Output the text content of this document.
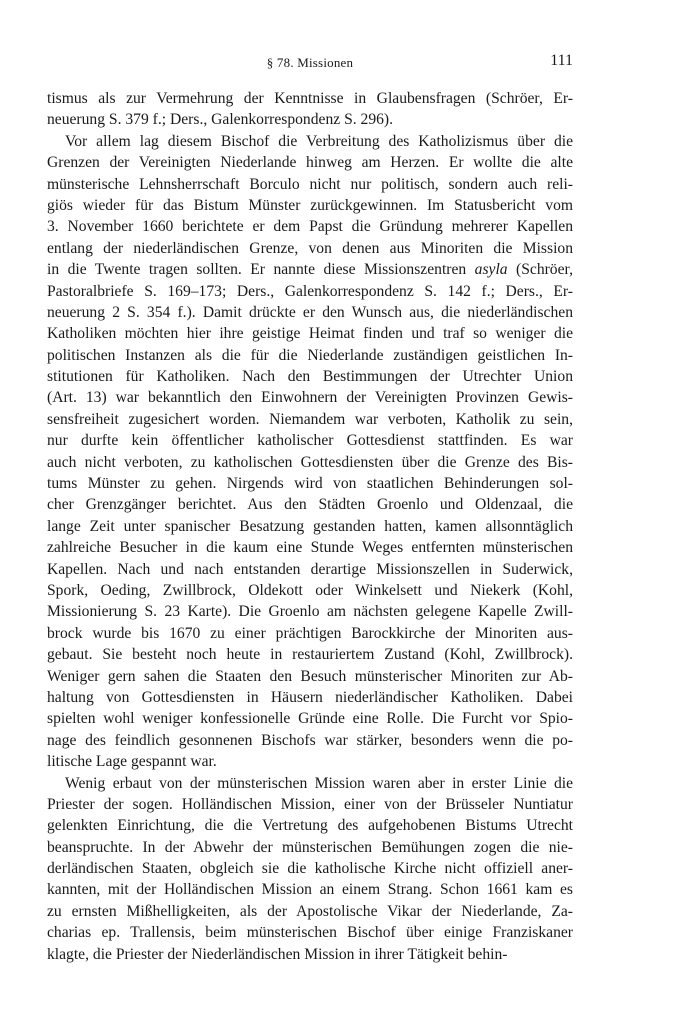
§ 78. Missionen	111
tismus als zur Vermehrung der Kenntnisse in Glaubensfragen (Schröer, Er-
neuerung S. 379 f.; Ders., Galenkorrespondenz S. 296).
Vor allem lag diesem Bischof die Verbreitung des Katholizismus über die
Grenzen der Vereinigten Niederlande hinweg am Herzen. Er wollte die alte
münsterische Lehnsherrschaft Borculo nicht nur politisch, sondern auch reli-
giös wieder für das Bistum Münster zurückgewinnen. Im Statusbericht vom
3. November 1660 berichtete er dem Papst die Gründung mehrerer Kapellen
entlang der niederländischen Grenze, von denen aus Minoriten die Mission
in die Twente tragen sollten. Er nannte diese Missionszentren asyla (Schröer,
Pastoralbriefe S. 169–173; Ders., Galenkorrespondenz S. 142 f.; Ders., Er-
neuerung 2 S. 354 f.). Damit drückte er den Wunsch aus, die niederländischen
Katholiken möchten hier ihre geistige Heimat finden und traf so weniger die
politischen Instanzen als die für die Niederlande zuständigen geistlichen In-
stitutionen für Katholiken. Nach den Bestimmungen der Utrechter Union
(Art. 13) war bekanntlich den Einwohnern der Vereinigten Provinzen Gewis-
sensfreiheit zugesichert worden. Niemandem war verboten, Katholik zu sein,
nur durfte kein öffentlicher katholischer Gottesdienst stattfinden. Es war
auch nicht verboten, zu katholischen Gottesdiensten über die Grenze des Bis-
tums Münster zu gehen. Nirgends wird von staatlichen Behinderungen sol-
cher Grenzgänger berichtet. Aus den Städten Groenlo und Oldenzaal, die
lange Zeit unter spanischer Besatzung gestanden hatten, kamen allsonntäglich
zahlreiche Besucher in die kaum eine Stunde Weges entfernten münsterischen
Kapellen. Nach und nach entstanden derartige Missionszellen in Suderwick,
Spork, Oeding, Zwillbrock, Oldekott oder Winkelsett und Niekerk (Kohl,
Missionierung S. 23 Karte). Die Groenlo am nächsten gelegene Kapelle Zwill-
brock wurde bis 1670 zu einer prächtigen Barockkirche der Minoriten aus-
gebaut. Sie besteht noch heute in restauriertem Zustand (Kohl, Zwillbrock).
Weniger gern sahen die Staaten den Besuch münsterischer Minoriten zur Ab-
haltung von Gottesdiensten in Häusern niederländischer Katholiken. Dabei
spielten wohl weniger konfessionelle Gründe eine Rolle. Die Furcht vor Spio-
nage des feindlich gesonnenen Bischofs war stärker, besonders wenn die po-
litische Lage gespannt war.
Wenig erbaut von der münsterischen Mission waren aber in erster Linie die
Priester der sogen. Holländischen Mission, einer von der Brüsseler Nuntiatur
gelenkten Einrichtung, die die Vertretung des aufgehobenen Bistums Utrecht
beanspruchte. In der Abwehr der münsterischen Bemühungen zogen die nie-
derländischen Staaten, obgleich sie die katholische Kirche nicht offiziell aner-
kannten, mit der Holländischen Mission an einem Strang. Schon 1661 kam es
zu ernsten Mißhelligkeiten, als der Apostolische Vikar der Niederlande, Za-
charias ep. Trallensis, beim münsterischen Bischof über einige Franziskaner
klagte, die Priester der Niederländischen Mission in ihrer Tätigkeit behin-
